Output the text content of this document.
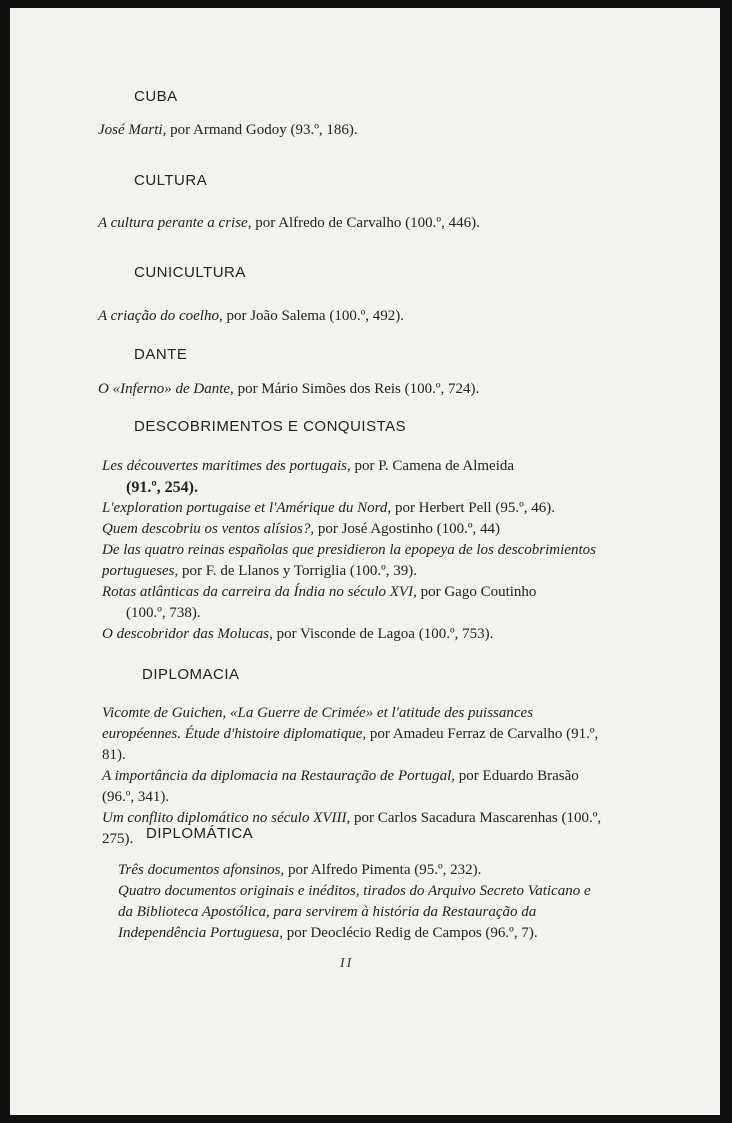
CUBA
José Marti, por Armand Godoy (93.º, 186).
CULTURA
A cultura perante a crise, por Alfredo de Carvalho (100.º, 446).
CUNICULTURA
A criação do coelho, por João Salema (100.º, 492).
DANTE
O «Inferno» de Dante, por Mário Simões dos Reis (100.º, 724).
DESCOBRIMENTOS E CONQUISTAS
Les découvertes maritimes des portugais, por P. Camena de Almeida
(91.º, 254).
L'exploration portugaise et l'Amérique du Nord, por Herbert Pell (95.º, 46).
Quem descobriu os ventos alísios?, por José Agostinho (100.º, 44)
De las quatro reinas españolas que presidieron la epopeya de los descobrimientos portugueses, por F. de Llanos y Torriglia (100.º, 39).
Rotas atlânticas da carreira da Índia no século XVI, por Gago Coutinho
(100.º, 738).
O descobridor das Molucas, por Visconde de Lagoa (100.º, 753).
DIPLOMACIA
Vicomte de Guichen, «La Guerre de Crimée» et l'atitude des puissances européennes. Étude d'histoire diplomatique, por Amadeu Ferraz de Carvalho (91.º, 81).
A importância da diplomacia na Restauração de Portugal, por Eduardo Brasão (96.º, 341).
Um conflito diplomático no século XVIII, por Carlos Sacadura Mascarenhas (100.º, 275). DIPLOMÁTICA
Três documentos afonsinos, por Alfredo Pimenta (95.º, 232).
Quatro documentos originais e inéditos, tirados do Arquivo Secreto Vaticano e da Biblioteca Apostólica, para servirem à história da Restauração da Independência Portuguesa, por Deoclécio Redig de Campos (96.º, 7).
II
